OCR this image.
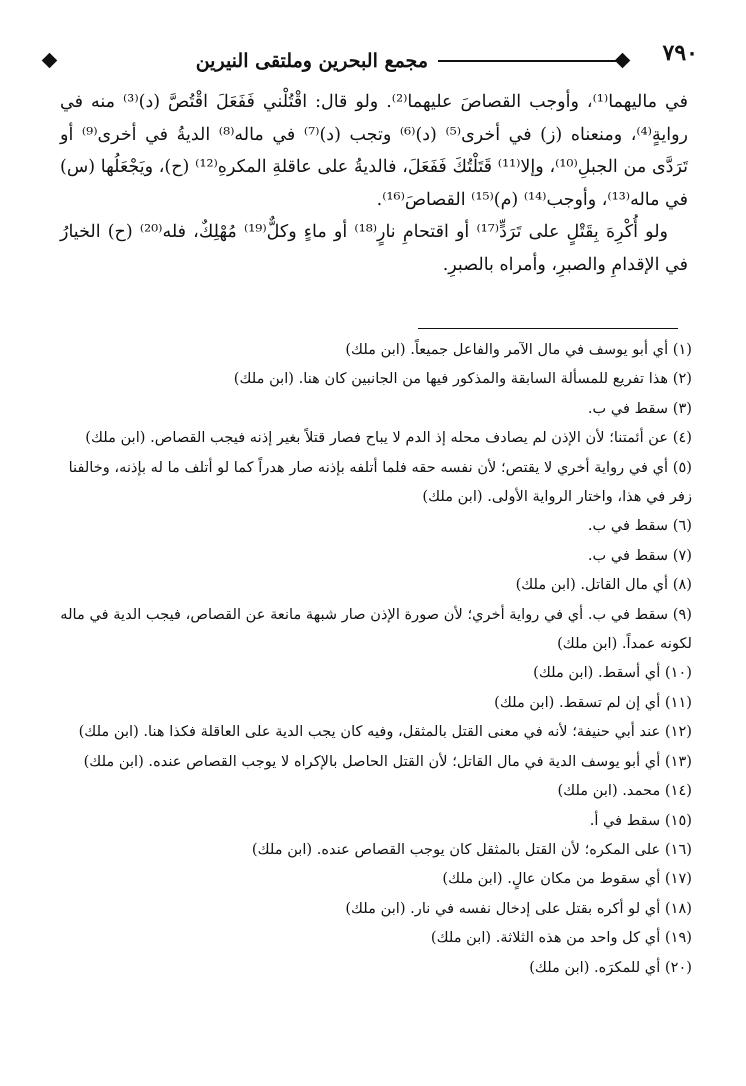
٧٩٠
مجمع البحرين وملتقى النيرين

في ماليهما⁽¹⁾، وأوجب القصاصَ عليهما⁽²⁾. ولو قال: اقْتُلْني فَفَعَلَ اقْتُصَّ (د)⁽³⁾ منه في روايةٍ⁽⁴⁾، ومنعناه (ز) في أخرى⁽⁵⁾ (د)⁽⁶⁾ وتجب (د)⁽⁷⁾ في ماله⁽⁸⁾ الديةُ في أخرى⁽⁹⁾ أو تَرَدَّى من الجبلِ⁽¹⁰⁾، وإلا⁽¹¹⁾ قَتَلْتُكَ فَفَعَلَ، فالديةُ على عاقلةِ المكرهِ⁽¹²⁾ (ح)، ويَجْعَلُها (س) في ماله⁽¹³⁾، وأوجب⁽¹⁴⁾ (م)⁽¹⁵⁾ القصاصَ⁽¹⁶⁾.

ولو أُكْرِهَ بِقَتْلٍ على تَرَدٍّ⁽¹⁷⁾ أو اقتحامِ نارٍ⁽¹⁸⁾ أو ماءٍ وكلٌّ⁽¹⁹⁾ مُهْلِكٌ، فله⁽²⁰⁾ (ح) الخيارُ في الإقدامِ والصبرِ، وأمراه بالصبرِ.

(١) أي أبو يوسف في مال الآمر والفاعل جميعاً. (ابن ملك)

(٢) هذا تفريع للمسألة السابقة والمذكور فيها من الجانبين كان هنا. (ابن ملك)

(٣) سقط في ب.

(٤) عن أئمتنا؛ لأن الإذن لم يصادف محله إذ الدم لا يباح فصار قتلاً بغير إذنه فيجب القصاص. (ابن ملك)

(٥) أي في رواية أخري لا يقتص؛ لأن نفسه حقه فلما أتلفه بإذنه صار هدراً كما لو أتلف ما له بإذنه، وخالفنا زفر في هذا، واختار الرواية الأولى. (ابن ملك)

(٦) سقط في ب.

(٧) سقط في ب.

(٨) أي مال القاتل. (ابن ملك)

(٩) سقط في ب. أي في رواية أخري؛ لأن صورة الإذن صار شبهة مانعة عن القصاص، فيجب الدية في ماله لكونه عمداً. (ابن ملك)

(١٠) أي أسقط. (ابن ملك)

(١١) أي إن لم تسقط. (ابن ملك)

(١٢) عند أبي حنيفة؛ لأنه في معنى القتل بالمثقل، وفيه كان يجب الدية على العاقلة فكذا هنا. (ابن ملك)

(١٣) أي أبو يوسف الدية في مال القاتل؛ لأن القتل الحاصل بالإكراه لا يوجب القصاص عنده. (ابن ملك)

(١٤) محمد. (ابن ملك)

(١٥) سقط في أ.

(١٦) على المكره؛ لأن القتل بالمثقل كان يوجب القصاص عنده. (ابن ملك)

(١٧) أي سقوط من مكان عالٍ. (ابن ملك)

(١٨) أي لو أكره بقتل على إدخال نفسه في نار. (ابن ملك)

(١٩) أي كل واحد من هذه الثلاثة. (ابن ملك)

(٢٠) أي للمكرَه. (ابن ملك)
